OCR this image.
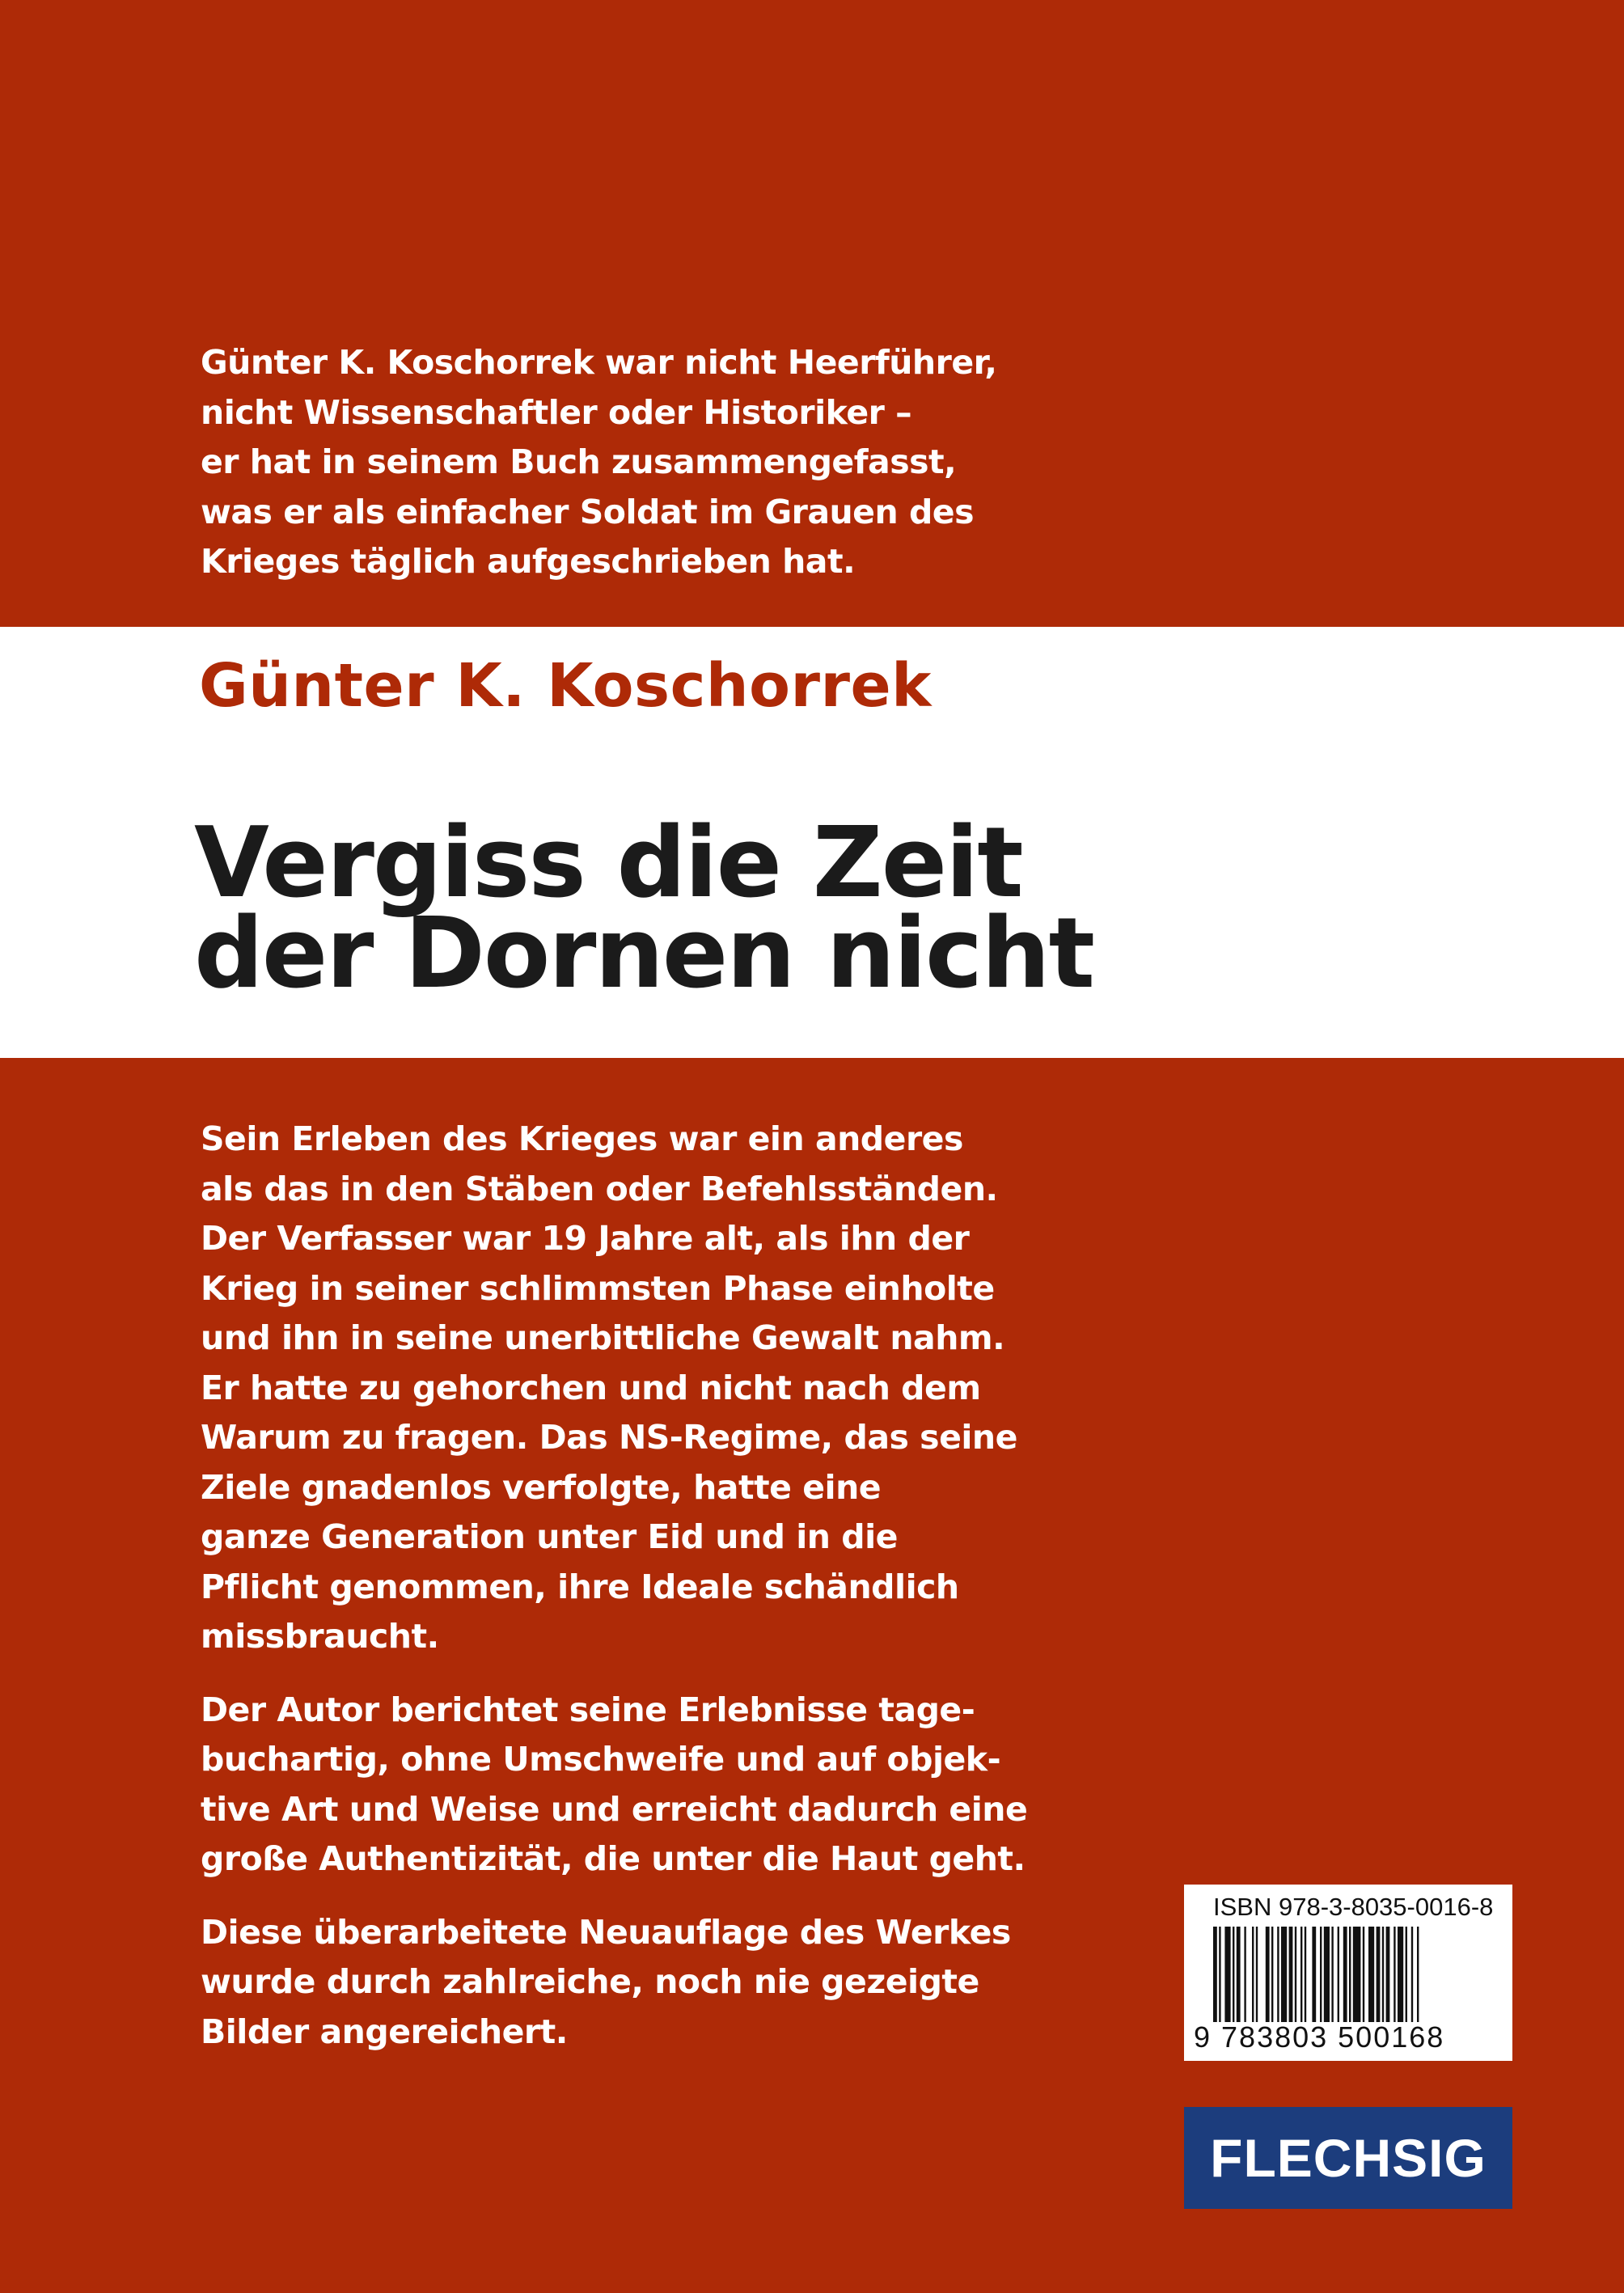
Günter K. Koschorrek war nicht Heerführer,
nicht Wissenschaftler oder Historiker –
er hat in seinem Buch zusammengefasst,
was er als einfacher Soldat im Grauen des
Krieges täglich aufgeschrieben hat.
Günter K. Koschorrek
Vergiss die Zeit
der Dornen nicht
Sein Erleben des Krieges war ein anderes
als das in den Stäben oder Befehlsständen.
Der Verfasser war 19 Jahre alt, als ihn der
Krieg in seiner schlimmsten Phase einholte
und ihn in seine unerbittliche Gewalt nahm.
Er hatte zu gehorchen und nicht nach dem
Warum zu fragen. Das NS-Regime, das seine
Ziele gnadenlos verfolgte, hatte eine
ganze Generation unter Eid und in die
Pflicht genommen, ihre Ideale schändlich
missbraucht.
Der Autor berichtet seine Erlebnisse tage-
buchartig, ohne Umschweife und auf objek-
tive Art und Weise und erreicht dadurch eine
große Authentizität, die unter die Haut geht.
Diese überarbeitete Neuauflage des Werkes
wurde durch zahlreiche, noch nie gezeigte
Bilder angereichert.
ISBN 978-3-8035-0016-8
9 783803 500168
FLECHSIG
